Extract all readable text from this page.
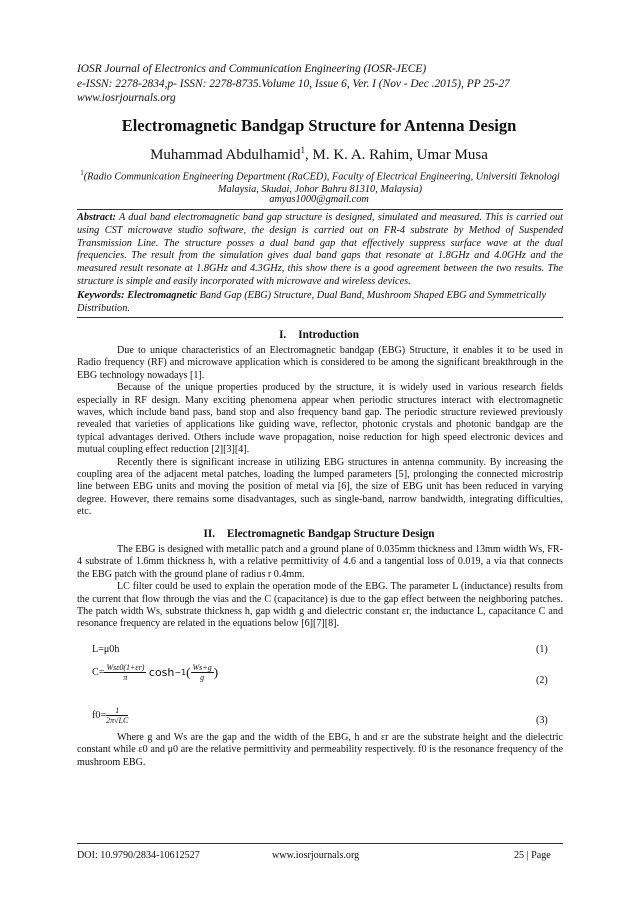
IOSR Journal of Electronics and Communication Engineering (IOSR-JECE)
e-ISSN: 2278-2834,p- ISSN: 2278-8735.Volume 10, Issue 6, Ver. I (Nov - Dec .2015), PP 25-27
www.iosrjournals.org
Electromagnetic Bandgap Structure for Antenna Design
Muhammad Abdulhamid$^1$, M. K. A. Rahim, Umar Musa
$^1$(Radio Communication Engineering Department (RaCED), Faculty of Electrical Engineering, Universiti Teknologi Malaysia, Skudai, Johor Bahru 81310, Malaysia)
amyas1000@gmail.com
Abstract: A dual band electromagnetic band gap structure is designed, simulated and measured. This is carried out using CST microwave studio software, the design is carried out on FR-4 substrate by Method of Suspended Transmission Line. The structure posses a dual band gap that effectively suppress surface wave at the dual frequencies. The result from the simulation gives dual band gaps that resonate at 1.8GHz and 4.0GHz and the measured result resonate at 1.8GHz and 4.3GHz, this show there is a good agreement between the two results. The structure is simple and easily incorporated with microwave and wireless devices.
Keywords: Electromagnetic Band Gap (EBG) Structure, Dual Band, Mushroom Shaped EBG and Symmetrically Distribution.
I. Introduction

Due to unique characteristics of an Electromagnetic bandgap (EBG) Structure, it enables it to be used in Radio frequency (RF) and microwave application which is considered to be among the significant breakthrough in the EBG technology nowadays [1].

Because of the unique properties produced by the structure, it is widely used in various research fields especially in RF design. Many exciting phenomena appear when periodic structures interact with electromagnetic waves, which include band pass, band stop and also frequency band gap. The periodic structure reviewed previously revealed that varieties of applications like guiding wave, reflector, photonic crystals and photonic bandgap are the typical advantages derived. Others include wave propagation, noise reduction for high speed electronic devices and mutual coupling effect reduction [2][3][4].

Recently there is significant increase in utilizing EBG structures in antenna community. By increasing the coupling area of the adjacent metal patches, loading the lumped parameters [5], prolonging the connected microstrip line between EBG units and moving the position of metal via [6], the size of EBG unit has been reduced in varying degree. However, there remains some disadvantages, such as single-band, narrow bandwidth, integrating difficulties, etc.

II. Electromagnetic Bandgap Structure Design

The EBG is designed with metallic patch and a ground plane of 0.035mm thickness and 13mm width Ws, FR-4 substrate of 1.6mm thickness h, with a relative permittivity of 4.6 and a tangential loss of 0.019, a via that connects the EBG patch with the ground plane of radius r 0.4mm.

LC filter could be used to explain the operation mode of the EBG. The parameter L (inductance) results from the current that flow through the vias and the C (capacitance) is due to the gap effect between the neighboring patches. The patch width Ws, substrate thickness h, gap width g and dielectric constant εr, the inductance L, capacitance C and resonance frequency are related in the equations below [6][7][8].

L=μ0h	(1)
$C= \frac{\text{Wsε0(1+εr)}}{\pi} \cosh-1( \frac{Ws+g}{g}$ )
(2)
$f0= \frac{1}{2\pi√LC}$	(3)

Where g and Ws are the gap and the width of the EBG, h and εr are the substrate height and the dielectric constant while ε0 and μ0 are the relative permittivity and permeability respectively. f0 is the resonance frequency of the mushroom EBG.

DOI: 10.9790/2834-10612527	www.iosrjournals.org	25 | Page
